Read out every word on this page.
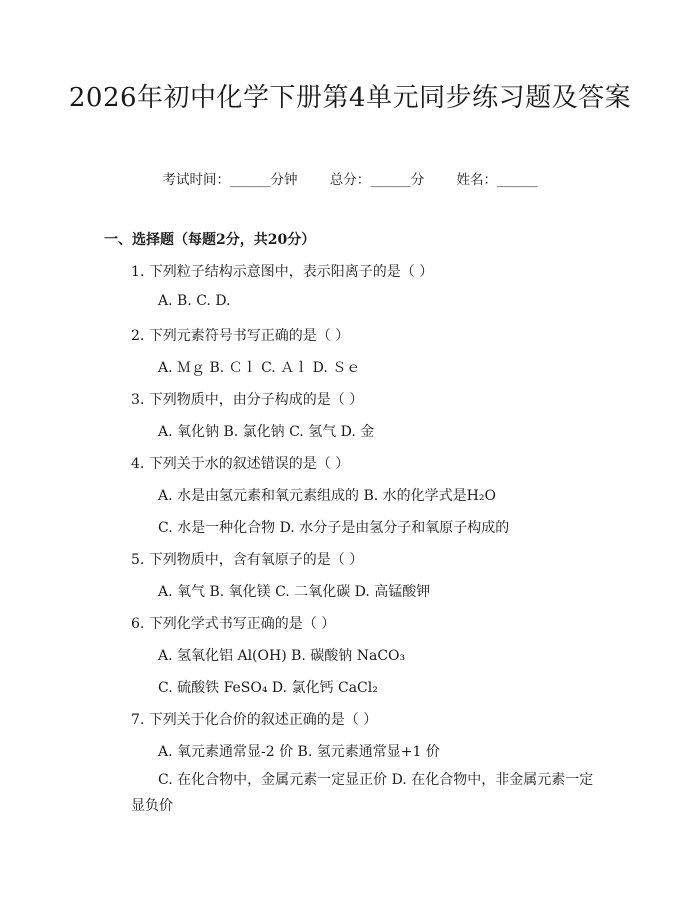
2026年初中化学下册第4单元同步练习题及答案
考试时间：______分钟 总分：______分 姓名：______
一、选择题（每题2分，共20分）
1. 下列粒子结构示意图中，表示阳离子的是（ ）
A. B. C. D.
2. 下列元素符号书写正确的是（ ）
A. Ｍｇ B. Ｃｌ C. Ａｌ D. Ｓｅ
3. 下列物质中，由分子构成的是（ ）
A. 氧化钠 B. 氯化钠 C. 氢气 D. 金
4. 下列关于水的叙述错误的是（ ）
A. 水是由氢元素和氧元素组成的 B. 水的化学式是H₂O
C. 水是一种化合物 D. 水分子是由氢分子和氧原子构成的
5. 下列物质中，含有氧原子的是（ ）
A. 氧气 B. 氧化镁 C. 二氧化碳 D. 高锰酸钾
6. 下列化学式书写正确的是（ ）
A. 氢氧化铝 Al(OH) B. 碳酸钠 NaCO₃
C. 硫酸铁 FeSO₄ D. 氯化钙 CaCl₂
7. 下列关于化合价的叙述正确的是（ ）
A. 氧元素通常显-2 价 B. 氢元素通常显+1 价
C. 在化合物中，金属元素一定显正价 D. 在化合物中，非金属元素一定显负价
